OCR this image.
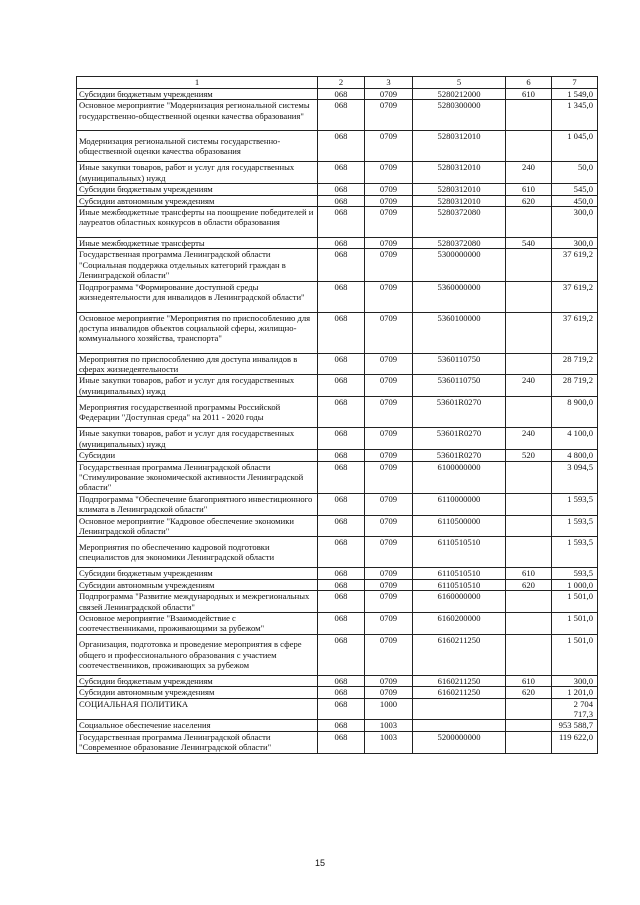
1	2	3	5	6	7
Субсидии бюджетным учреждениям	068	0709	5280212000	610	1 549,0
Основное мероприятие "Модернизация региональной системы государственно-общественной оценки качества образования"	068	0709	5280300000		1 345,0
Модернизация региональной системы государственно-общественной оценки качества образования	068	0709	5280312010		1 045,0
Иные закупки товаров, работ и услуг для государственных (муниципальных) нужд	068	0709	5280312010	240	50,0
Субсидии бюджетным учреждениям	068	0709	5280312010	610	545,0
Субсидии автономным учреждениям	068	0709	5280312010	620	450,0
Иные межбюджетные трансферты на поощрение победителей и лауреатов областных конкурсов в области образования	068	0709	5280372080		300,0
Иные межбюджетные трансферты	068	0709	5280372080	540	300,0
Государственная программа Ленинградской области "Социальная поддержка отдельных категорий граждан в Ленинградской области"	068	0709	5300000000		37 619,2
Подпрограмма "Формирование доступной среды жизнедеятельности для инвалидов в Ленинградской области"	068	0709	5360000000		37 619,2
Основное мероприятие "Мероприятия по приспособлению для доступа инвалидов объектов социальной сферы, жилищно-коммунального хозяйства, транспорта"	068	0709	5360100000		37 619,2
Мероприятия по приспособлению для доступа инвалидов в сферах жизнедеятельности	068	0709	5360110750		28 719,2
Иные закупки товаров, работ и услуг для государственных (муниципальных) нужд	068	0709	5360110750	240	28 719,2
Мероприятия государственной программы Российской Федерации "Доступная среда" на 2011 - 2020 годы	068	0709	53601R0270		8 900,0
Иные закупки товаров, работ и услуг для государственных (муниципальных) нужд	068	0709	53601R0270	240	4 100,0
Субсидии	068	0709	53601R0270	520	4 800,0
Государственная программа Ленинградской области "Стимулирование экономической активности Ленинградской области"	068	0709	6100000000		3 094,5
Подпрограмма "Обеспечение благоприятного инвестиционного климата в Ленинградской области"	068	0709	6110000000		1 593,5
Основное мероприятие "Кадровое обеспечение экономики Ленинградской области"	068	0709	6110500000		1 593,5
Мероприятия по обеспечению кадровой подготовки специалистов для экономики Ленинградской области	068	0709	6110510510		1 593,5
Субсидии бюджетным учреждениям	068	0709	6110510510	610	593,5
Субсидии автономным учреждениям	068	0709	6110510510	620	1 000,0
Подпрограмма "Развитие международных и межрегиональных связей Ленинградской области"	068	0709	6160000000		1 501,0
Основное мероприятие "Взаимодействие с соотечественниками, проживающими за рубежом"	068	0709	6160200000		1 501,0
Организация, подготовка и проведение мероприятия в сфере общего и профессионального образования с участием соотечественников, проживающих за рубежом	068	0709	6160211250		1 501,0
Субсидии бюджетным учреждениям	068	0709	6160211250	610	300,0
Субсидии автономным учреждениям	068	0709	6160211250	620	1 201,0
СОЦИАЛЬНАЯ ПОЛИТИКА	068	1000			2 704 717,3
Социальное обеспечение населения	068	1003			953 588,7
Государственная программа Ленинградской области "Современное образование Ленинградской области"	068	1003	5200000000		119 622,0
15
